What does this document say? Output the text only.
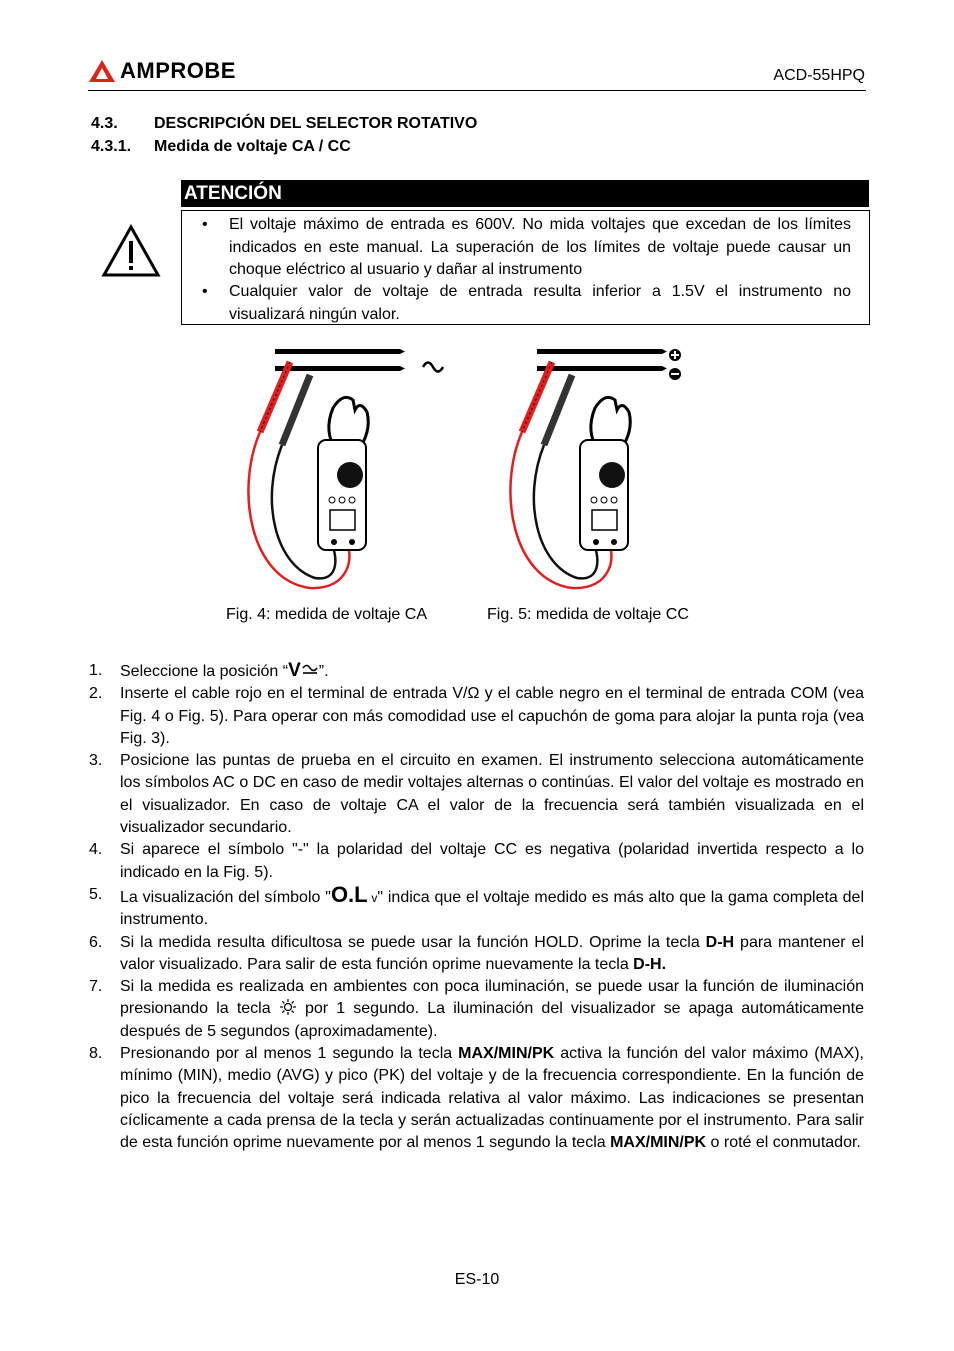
AMPROBE	ACD-55HPQ
4.3. DESCRIPCIÓN DEL SELECTOR ROTATIVO
4.3.1. Medida de voltaje CA / CC
ATENCIÓN
• El voltaje máximo de entrada es 600V. No mida voltajes que excedan de los límites indicados en este manual. La superación de los límites de voltaje puede causar un choque eléctrico al usuario y dañar al instrumento
• Cualquier valor de voltaje de entrada resulta inferior a 1.5V el instrumento no visualizará ningún valor.
Fig. 4: medida de voltaje CA	Fig. 5: medida de voltaje CC
1. Seleccione la posición “V ”.
2. Inserte el cable rojo en el terminal de entrada V/Ω y el cable negro en el terminal de entrada COM (vea Fig. 4 o Fig. 5). Para operar con más comodidad use el capuchón de goma para alojar la punta roja (vea Fig. 3).
3. Posicione las puntas de prueba en el circuito en examen. El instrumento selecciona automáticamente los símbolos AC o DC en caso de medir voltajes alternas o continúas. El valor del voltaje es mostrado en el visualizador. En caso de voltaje CA el valor de la frecuencia será también visualizada en el visualizador secundario.
4. Si aparece el símbolo "-" la polaridad del voltaje CC es negativa (polaridad invertida respecto a lo indicado en la Fig. 5).
5. La visualización del símbolo "O.L v" indica que el voltaje medido es más alto que la gama completa del instrumento.
6. Si la medida resulta dificultosa se puede usar la función HOLD. Oprime la tecla D-H para mantener el valor visualizado. Para salir de esta función oprime nuevamente la tecla D-H.
7. Si la medida es realizada en ambientes con poca iluminación, se puede usar la función de iluminación presionando la tecla  por 1 segundo. La iluminación del visualizador se apaga automáticamente después de 5 segundos (aproximadamente).
8. Presionando por al menos 1 segundo la tecla MAX/MIN/PK activa la función del valor máximo (MAX), mínimo (MIN), medio (AVG) y pico (PK) del voltaje y de la frecuencia correspondiente. En la función de pico la frecuencia del voltaje será indicada relativa al valor máximo. Las indicaciones se presentan cíclicamente a cada prensa de la tecla y serán actualizadas continuamente por el instrumento. Para salir de esta función oprime nuevamente por al menos 1 segundo la tecla MAX/MIN/PK o roté el conmutador.
ES-10
